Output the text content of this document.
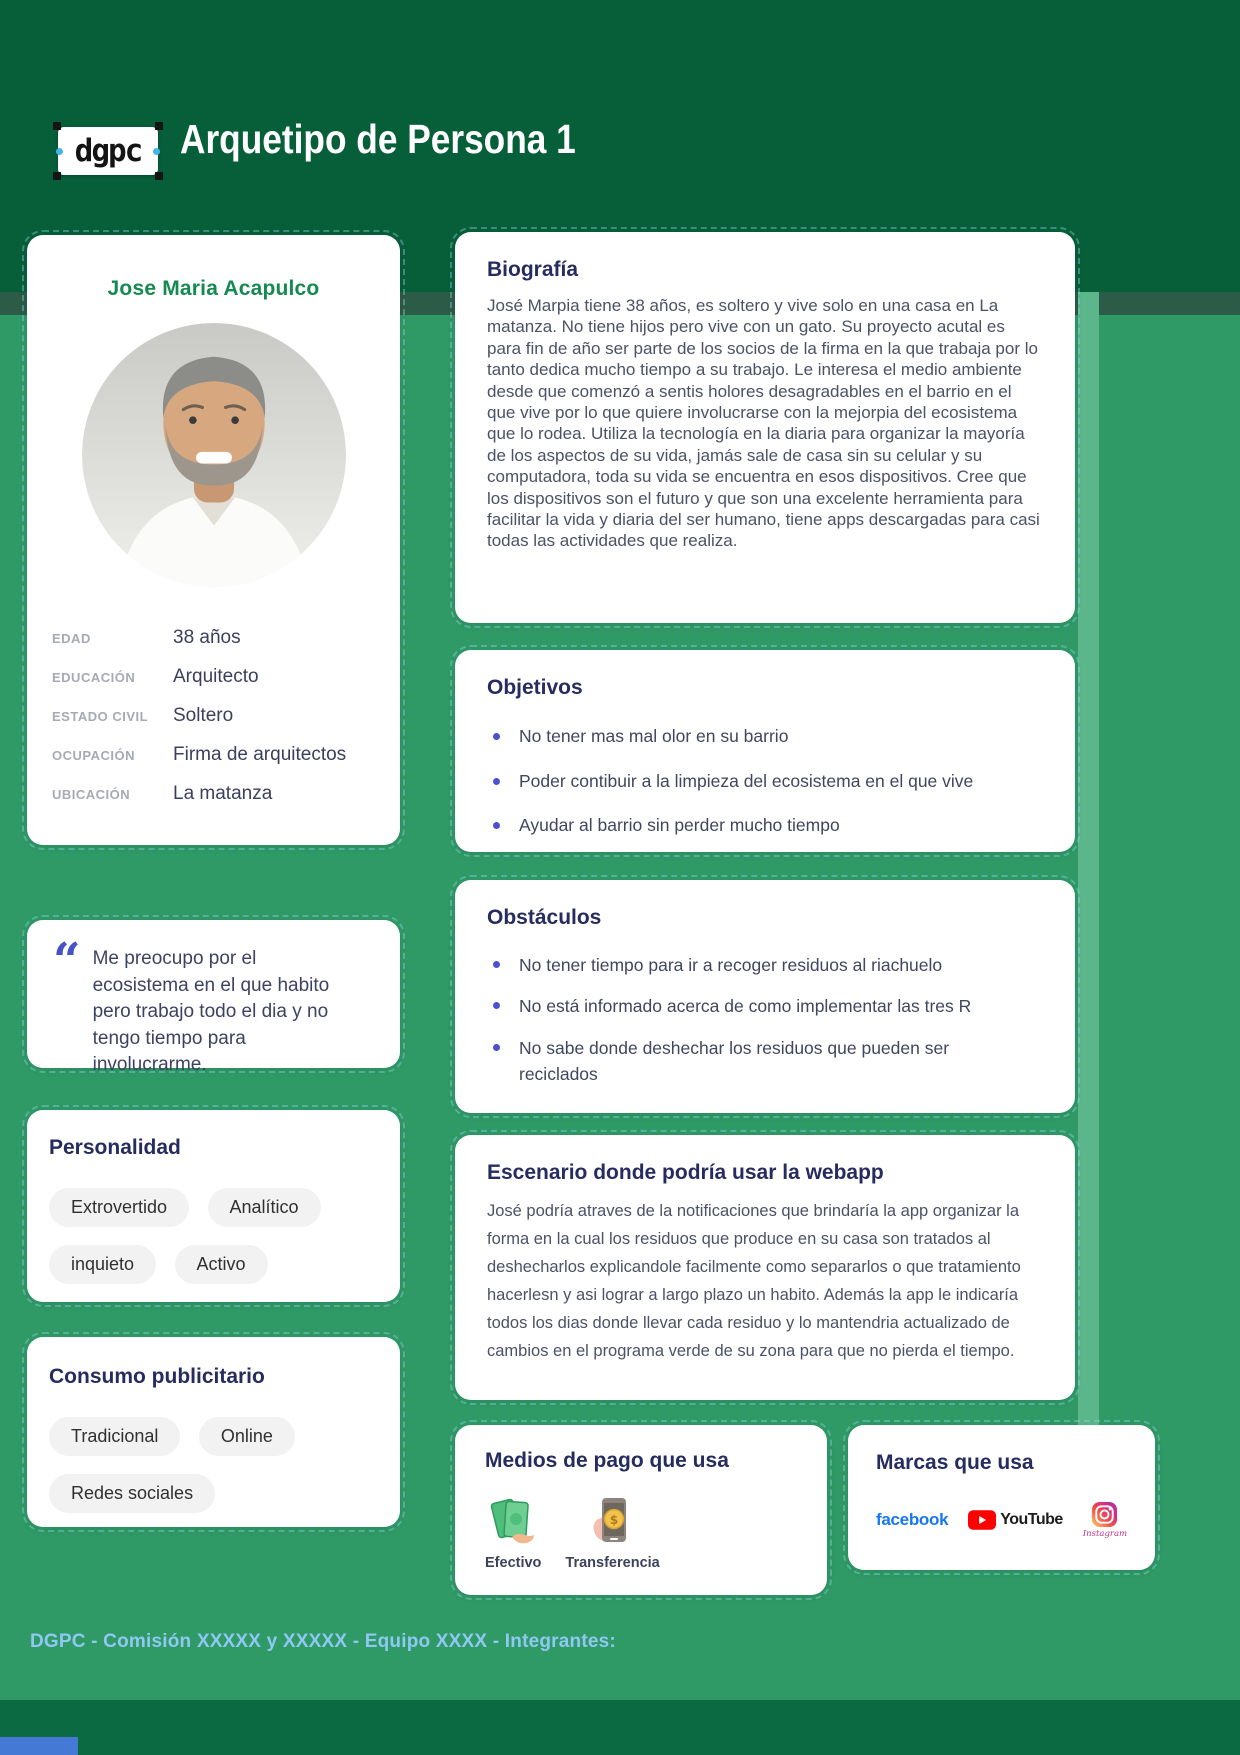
dgpc Arquetipo de Persona 1
Jose Maria Acapulco
EDAD	38 años
EDUCACIÓN	Arquitecto
ESTADO CIVIL	Soltero
OCUPACIÓN	Firma de arquitectos
UBICACIÓN	La matanza
“ Me preocupo por el ecosistema en el que habito pero trabajo todo el dia y no tengo tiempo para involucrarme.
Personalidad
Extrovertido	Analítico
inquieto	Activo
Consumo publicitario
Tradicional	Online
Redes sociales
Biografía
José Marpia tiene 38 años, es soltero y vive solo en una casa en La matanza. No tiene hijos pero vive con un gato. Su proyecto acutal es para fin de año ser parte de los socios de la firma en la que trabaja por lo tanto dedica mucho tiempo a su trabajo. Le interesa el medio ambiente desde que comenzó a sentis holores desagradables en el barrio en el que vive por lo que quiere involucrarse con la mejorpia del ecosistema que lo rodea. Utiliza la tecnología en la diaria para organizar la mayoría de los aspectos de su vida, jamás sale de casa sin su celular y su computadora, toda su vida se encuentra en esos dispositivos. Cree que los dispositivos son el futuro y que son una excelente herramienta para facilitar la vida y diaria del ser humano, tiene apps descargadas para casi todas las actividades que realiza.
Objetivos
No tener mas mal olor en su barrio
Poder contibuir a la limpieza del ecosistema en el que vive
Ayudar al barrio sin perder mucho tiempo
Obstáculos
No tener tiempo para ir a recoger residuos al riachuelo
No está informado acerca de como implementar las tres R
No sabe donde deshechar los residuos que pueden ser reciclados
Escenario donde podría usar la webapp
José podría atraves de la notificaciones que brindaría la app organizar la forma en la cual los residuos que produce en su casa son tratados al deshecharlos explicandole facilmente como separarlos o que tratamiento hacerlesn y asi lograr a largo plazo un habito. Además la app le indicaría todos los dias donde llevar cada residuo y lo mantendria actualizado de cambios en el programa verde de su zona para que no pierda el tiempo.
Medios de pago que usa
Efectivo
$
Transferencia
Marcas que usa
facebook	YouTube
Instagram
DGPC - Comisión XXXXX y XXXXX - Equipo XXXX - Integrantes:
